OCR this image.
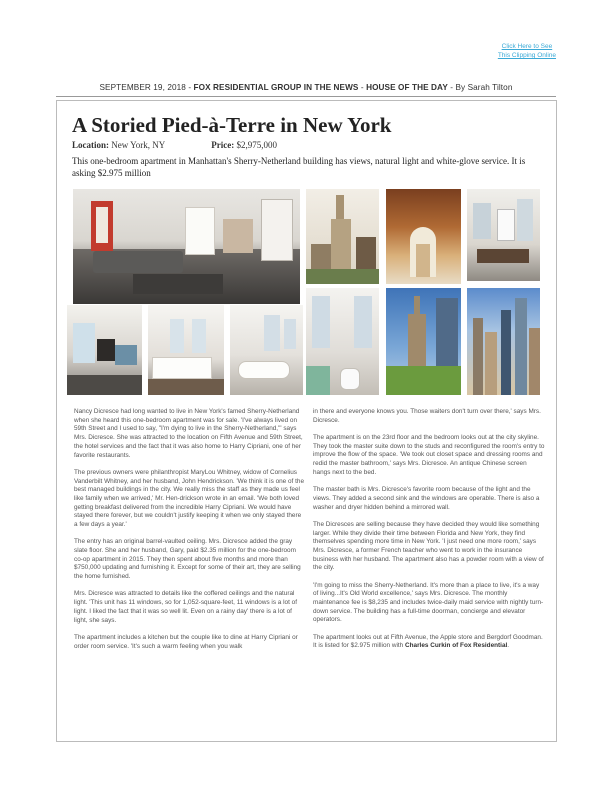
Click Here to See
This Clipping Online
SEPTEMBER 19, 2018 - FOX RESIDENTIAL GROUP IN THE NEWS - HOUSE OF THE DAY - By Sarah Tilton
A Storied Pied-à-Terre in New York
Location: New York, NY	Price: $2,975,000
This one-bedroom apartment in Manhattan's Sherry-Netherland building has views, natural light and white-glove service. It is asking $2.975 million

Nancy Dicresce had long wanted to live in New York's famed Sherry-Netherland when she heard this one-bedroom apartment was for sale. 'I've always lived on 59th Street and I used to say, "I'm dying to live in the Sherry-Netherland,"' says Mrs. Dicresce. She was attracted to the location on Fifth Avenue and 59th Street, the hotel services and the fact that it was also home to Harry Cipriani, one of her favorite restaurants.

The previous owners were philanthropist MaryLou Whitney, widow of Cornelius Vanderbilt Whitney, and her husband, John Hendrickson. 'We think it is one of the best managed buildings in the city. We really miss the staff as they made us feel like family when we arrived,' Mr. Hen-drickson wrote in an email. 'We both loved getting breakfast delivered from the incredible Harry Cipriani. We would have stayed there forever, but we couldn't justify keeping it when we only stayed there a few days a year.'

The entry has an original barrel-vaulted ceiling. Mrs. Dicresce added the gray slate floor. She and her husband, Gary, paid $2.35 million for the one-bedroom co-op apartment in 2015. They then spent about five months and more than $750,000 updating and furnishing it. Except for some of their art, they are selling the home furnished.

Mrs. Dicresce was attracted to details like the coffered ceilings and the natural light. 'This unit has 11 windows, so for 1,052-square-feet, 11 windows is a lot of light. I liked the fact that it was so well lit. Even on a rainy day' there is a lot of light, she says.

The apartment includes a kitchen but the couple like to dine at Harry Cipriani or order room service. 'It's such a warm feeling when you walk

in there and everyone knows you. Those waiters don't turn over there,' says Mrs. Dicresce.

The apartment is on the 23rd floor and the bedroom looks out at the city skyline. They took the master suite down to the studs and reconfigured the room's entry to improve the flow of the space. 'We took out closet space and dressing rooms and redid the master bathroom,' says Mrs. Dicresce. An antique Chinese screen hangs next to the bed.

The master bath is Mrs. Dicresce's favorite room because of the light and the views. They added a second sink and the windows are operable. There is also a washer and dryer hidden behind a mirrored wall.

The Dicresces are selling because they have decided they would like something larger. While they divide their time between Florida and New York, they find themselves spending more time in New York. 'I just need one more room,' says Mrs. Dicresce, a former French teacher who went to work in the insurance business with her husband. The apartment also has a powder room with a view of the city.

'I'm going to miss the Sherry-Netherland. It's more than a place to live, it's a way of living...It's Old World excellence,' says Mrs. Dicresce. The monthly maintenance fee is $8,235 and includes twice-daily maid service with nightly turn-down service. The building has a full-time doorman, concierge and elevator operators.

The apartment looks out at Fifth Avenue, the Apple store and Bergdorf Goodman. It is listed for $2.975 million with Charles Curkin of Fox Residential.
